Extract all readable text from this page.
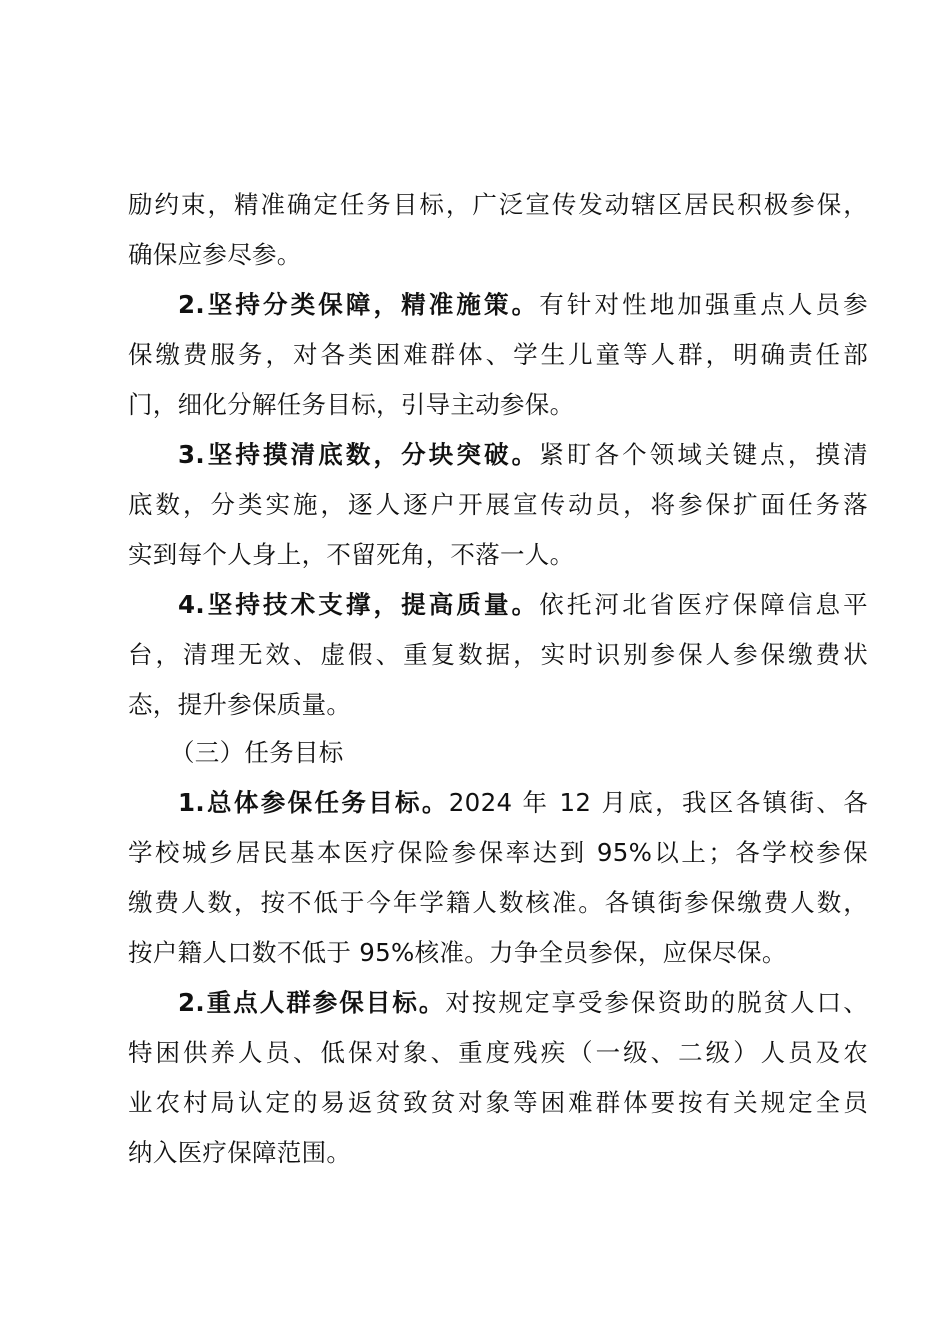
励约束，精准确定任务目标，广泛宣传发动辖区居民积极参保，
确保应参尽参。
2.坚持分类保障，精准施策。有针对性地加强重点人员参
保缴费服务，对各类困难群体、学生儿童等人群，明确责任部
门，细化分解任务目标，引导主动参保。
3.坚持摸清底数，分块突破。紧盯各个领域关键点，摸清
底数，分类实施，逐人逐户开展宣传动员，将参保扩面任务落
实到每个人身上，不留死角，不落一人。
4.坚持技术支撑，提高质量。依托河北省医疗保障信息平
台，清理无效、虚假、重复数据，实时识别参保人参保缴费状
态，提升参保质量。
（三）任务目标
1.总体参保任务目标。2024 年 12 月底，我区各镇街、各
学校城乡居民基本医疗保险参保率达到 95%以上；各学校参保
缴费人数，按不低于今年学籍人数核准。各镇街参保缴费人数，
按户籍人口数不低于 95%核准。力争全员参保，应保尽保。
2.重点人群参保目标。对按规定享受参保资助的脱贫人口、
特困供养人员、低保对象、重度残疾（一级、二级）人员及农
业农村局认定的易返贫致贫对象等困难群体要按有关规定全员
纳入医疗保障范围。
